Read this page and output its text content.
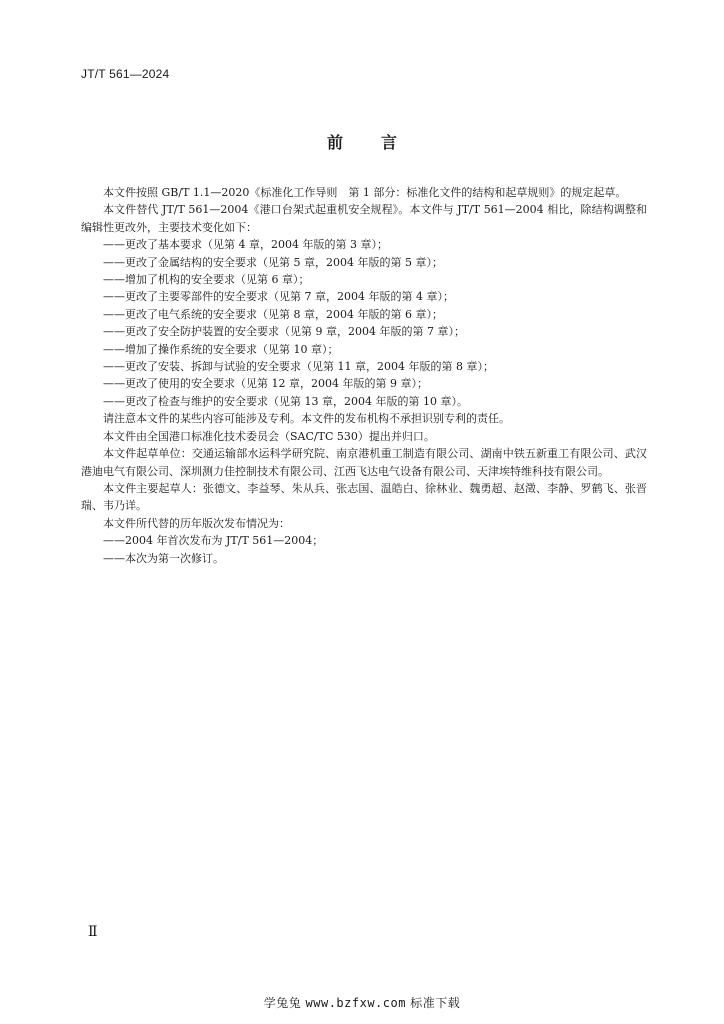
JT/T 561—2024
前言

本文件按照 GB/T 1.1—2020《标准化工作导则　第 1 部分：标准化文件的结构和起草规则》的规定起草。

本文件替代 JT/T 561—2004《港口台架式起重机安全规程》。本文件与 JT/T 561—2004 相比，除结构调整和编辑性更改外，主要技术变化如下：

——更改了基本要求（见第 4 章，2004 年版的第 3 章）；

——更改了金属结构的安全要求（见第 5 章，2004 年版的第 5 章）；

——增加了机构的安全要求（见第 6 章）；

——更改了主要零部件的安全要求（见第 7 章，2004 年版的第 4 章）；

——更改了电气系统的安全要求（见第 8 章，2004 年版的第 6 章）；

——更改了安全防护装置的安全要求（见第 9 章，2004 年版的第 7 章）；

——增加了操作系统的安全要求（见第 10 章）；

——更改了安装、拆卸与试验的安全要求（见第 11 章，2004 年版的第 8 章）；

——更改了使用的安全要求（见第 12 章，2004 年版的第 9 章）；

——更改了检查与维护的安全要求（见第 13 章，2004 年版的第 10 章）。

请注意本文件的某些内容可能涉及专利。本文件的发布机构不承担识别专利的责任。

本文件由全国港口标准化技术委员会（SAC/TC 530）提出并归口。

本文件起草单位：交通运输部水运科学研究院、南京港机重工制造有限公司、湖南中铁五新重工有限公司、武汉港迪电气有限公司、深圳测力佳控制技术有限公司、江西飞达电气设备有限公司、天津埃特维科技有限公司。

本文件主要起草人：张德文、李益琴、朱从兵、张志国、温皓白、徐林业、魏勇超、赵澂、李静、罗鹤飞、张晋瑞、韦乃详。

本文件所代替的历年版次发布情况为：

——2004 年首次发布为 JT/T 561—2004；

——本次为第一次修订。

Ⅱ
学兔兔 www.bzfxw.com 标准下载
